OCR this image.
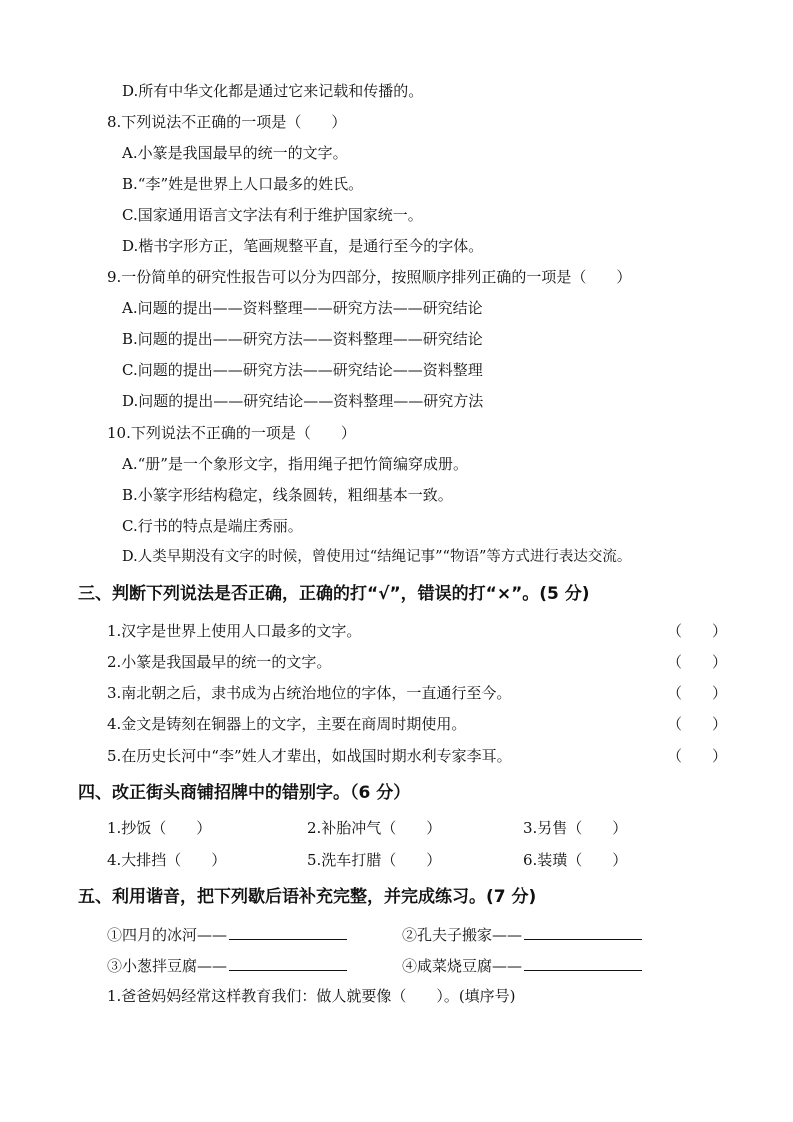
D.所有中华文化都是通过它来记载和传播的。
8.下列说法不正确的一项是（　　）
A.小篆是我国最早的统一的文字。
B.“李”姓是世界上人口最多的姓氏。
C.国家通用语言文字法有利于维护国家统一。
D.楷书字形方正，笔画规整平直，是通行至今的字体。
9.一份简单的研究性报告可以分为四部分，按照顺序排列正确的一项是（　　）
A.问题的提出——资料整理——研究方法——研究结论
B.问题的提出——研究方法——资料整理——研究结论
C.问题的提出——研究方法——研究结论——资料整理
D.问题的提出——研究结论——资料整理——研究方法
10.下列说法不正确的一项是（　　）
A.“册”是一个象形文字，指用绳子把竹简编穿成册。
B.小篆字形结构稳定，线条圆转，粗细基本一致。
C.行书的特点是端庄秀丽。
D.人类早期没有文字的时候，曾使用过“结绳记事”“物语”等方式进行表达交流。
三、判断下列说法是否正确，正确的打“√”，错误的打“×”。(5 分)
1.汉字是世界上使用人口最多的文字。	（　　）
2.小篆是我国最早的统一的文字。	（　　）
3.南北朝之后，隶书成为占统治地位的字体，一直通行至今。	（　　）
4.金文是铸刻在铜器上的文字，主要在商周时期使用。	（　　）
5.在历史长河中“李”姓人才辈出，如战国时期水利专家李耳。	（　　）
四、改正街头商铺招牌中的错别字。（6 分）
1.抄饭（　　）	2.补胎冲气（　　）	3.另售（　　）
4.大排挡（　　）	5.洗车打腊（　　）	6.装璜（　　）
五、利用谐音，把下列歇后语补充完整，并完成练习。(7 分)
①四月的冰河——	②孔夫子搬家——
③小葱拌豆腐——	④咸菜烧豆腐——
1.爸爸妈妈经常这样教育我们：做人就要像（　　）。(填序号)
